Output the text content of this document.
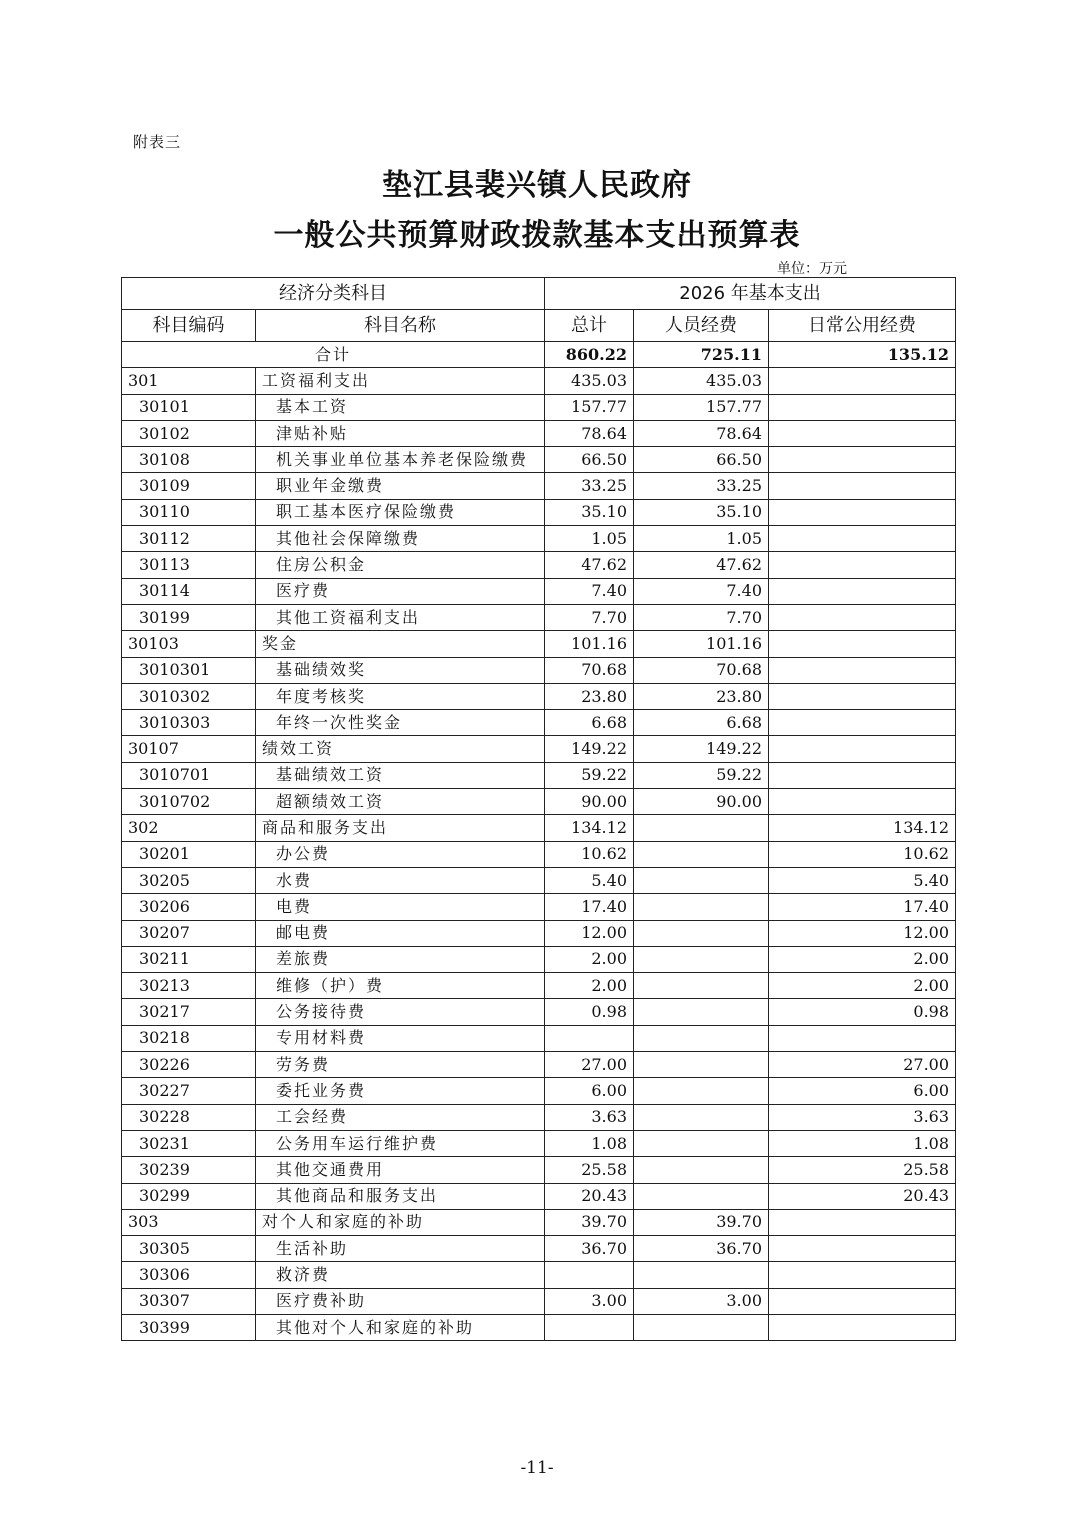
附表三
垫江县裴兴镇人民政府
一般公共预算财政拨款基本支出预算表
单位：万元
经济分类科目		2026 年基本支出		
科目编码	科目名称	总计	人员经费	日常公用经费
合计		860.22	725.11	135.12
301	工资福利支出	435.03	435.03	
30101	基本工资	157.77	157.77	
30102	津贴补贴	78.64	78.64	
30108	机关事业单位基本养老保险缴费	66.50	66.50	
30109	职业年金缴费	33.25	33.25	
30110	职工基本医疗保险缴费	35.10	35.10	
30112	其他社会保障缴费	1.05	1.05	
30113	住房公积金	47.62	47.62	
30114	医疗费	7.40	7.40	
30199	其他工资福利支出	7.70	7.70	
30103	奖金	101.16	101.16	
3010301	基础绩效奖	70.68	70.68	
3010302	年度考核奖	23.80	23.80	
3010303	年终一次性奖金	6.68	6.68	
30107	绩效工资	149.22	149.22	
3010701	基础绩效工资	59.22	59.22	
3010702	超额绩效工资	90.00	90.00	
302	商品和服务支出	134.12		134.12
30201	办公费	10.62		10.62
30205	水费	5.40		5.40
30206	电费	17.40		17.40
30207	邮电费	12.00		12.00
30211	差旅费	2.00		2.00
30213	维修（护）费	2.00		2.00
30217	公务接待费	0.98		0.98
30218	专用材料费			
30226	劳务费	27.00		27.00
30227	委托业务费	6.00		6.00
30228	工会经费	3.63		3.63
30231	公务用车运行维护费	1.08		1.08
30239	其他交通费用	25.58		25.58
30299	其他商品和服务支出	20.43		20.43
303	对个人和家庭的补助	39.70	39.70	
30305	生活补助	36.70	36.70	
30306	救济费			
30307	医疗费补助	3.00	3.00	
30399	其他对个人和家庭的补助			
-11-
